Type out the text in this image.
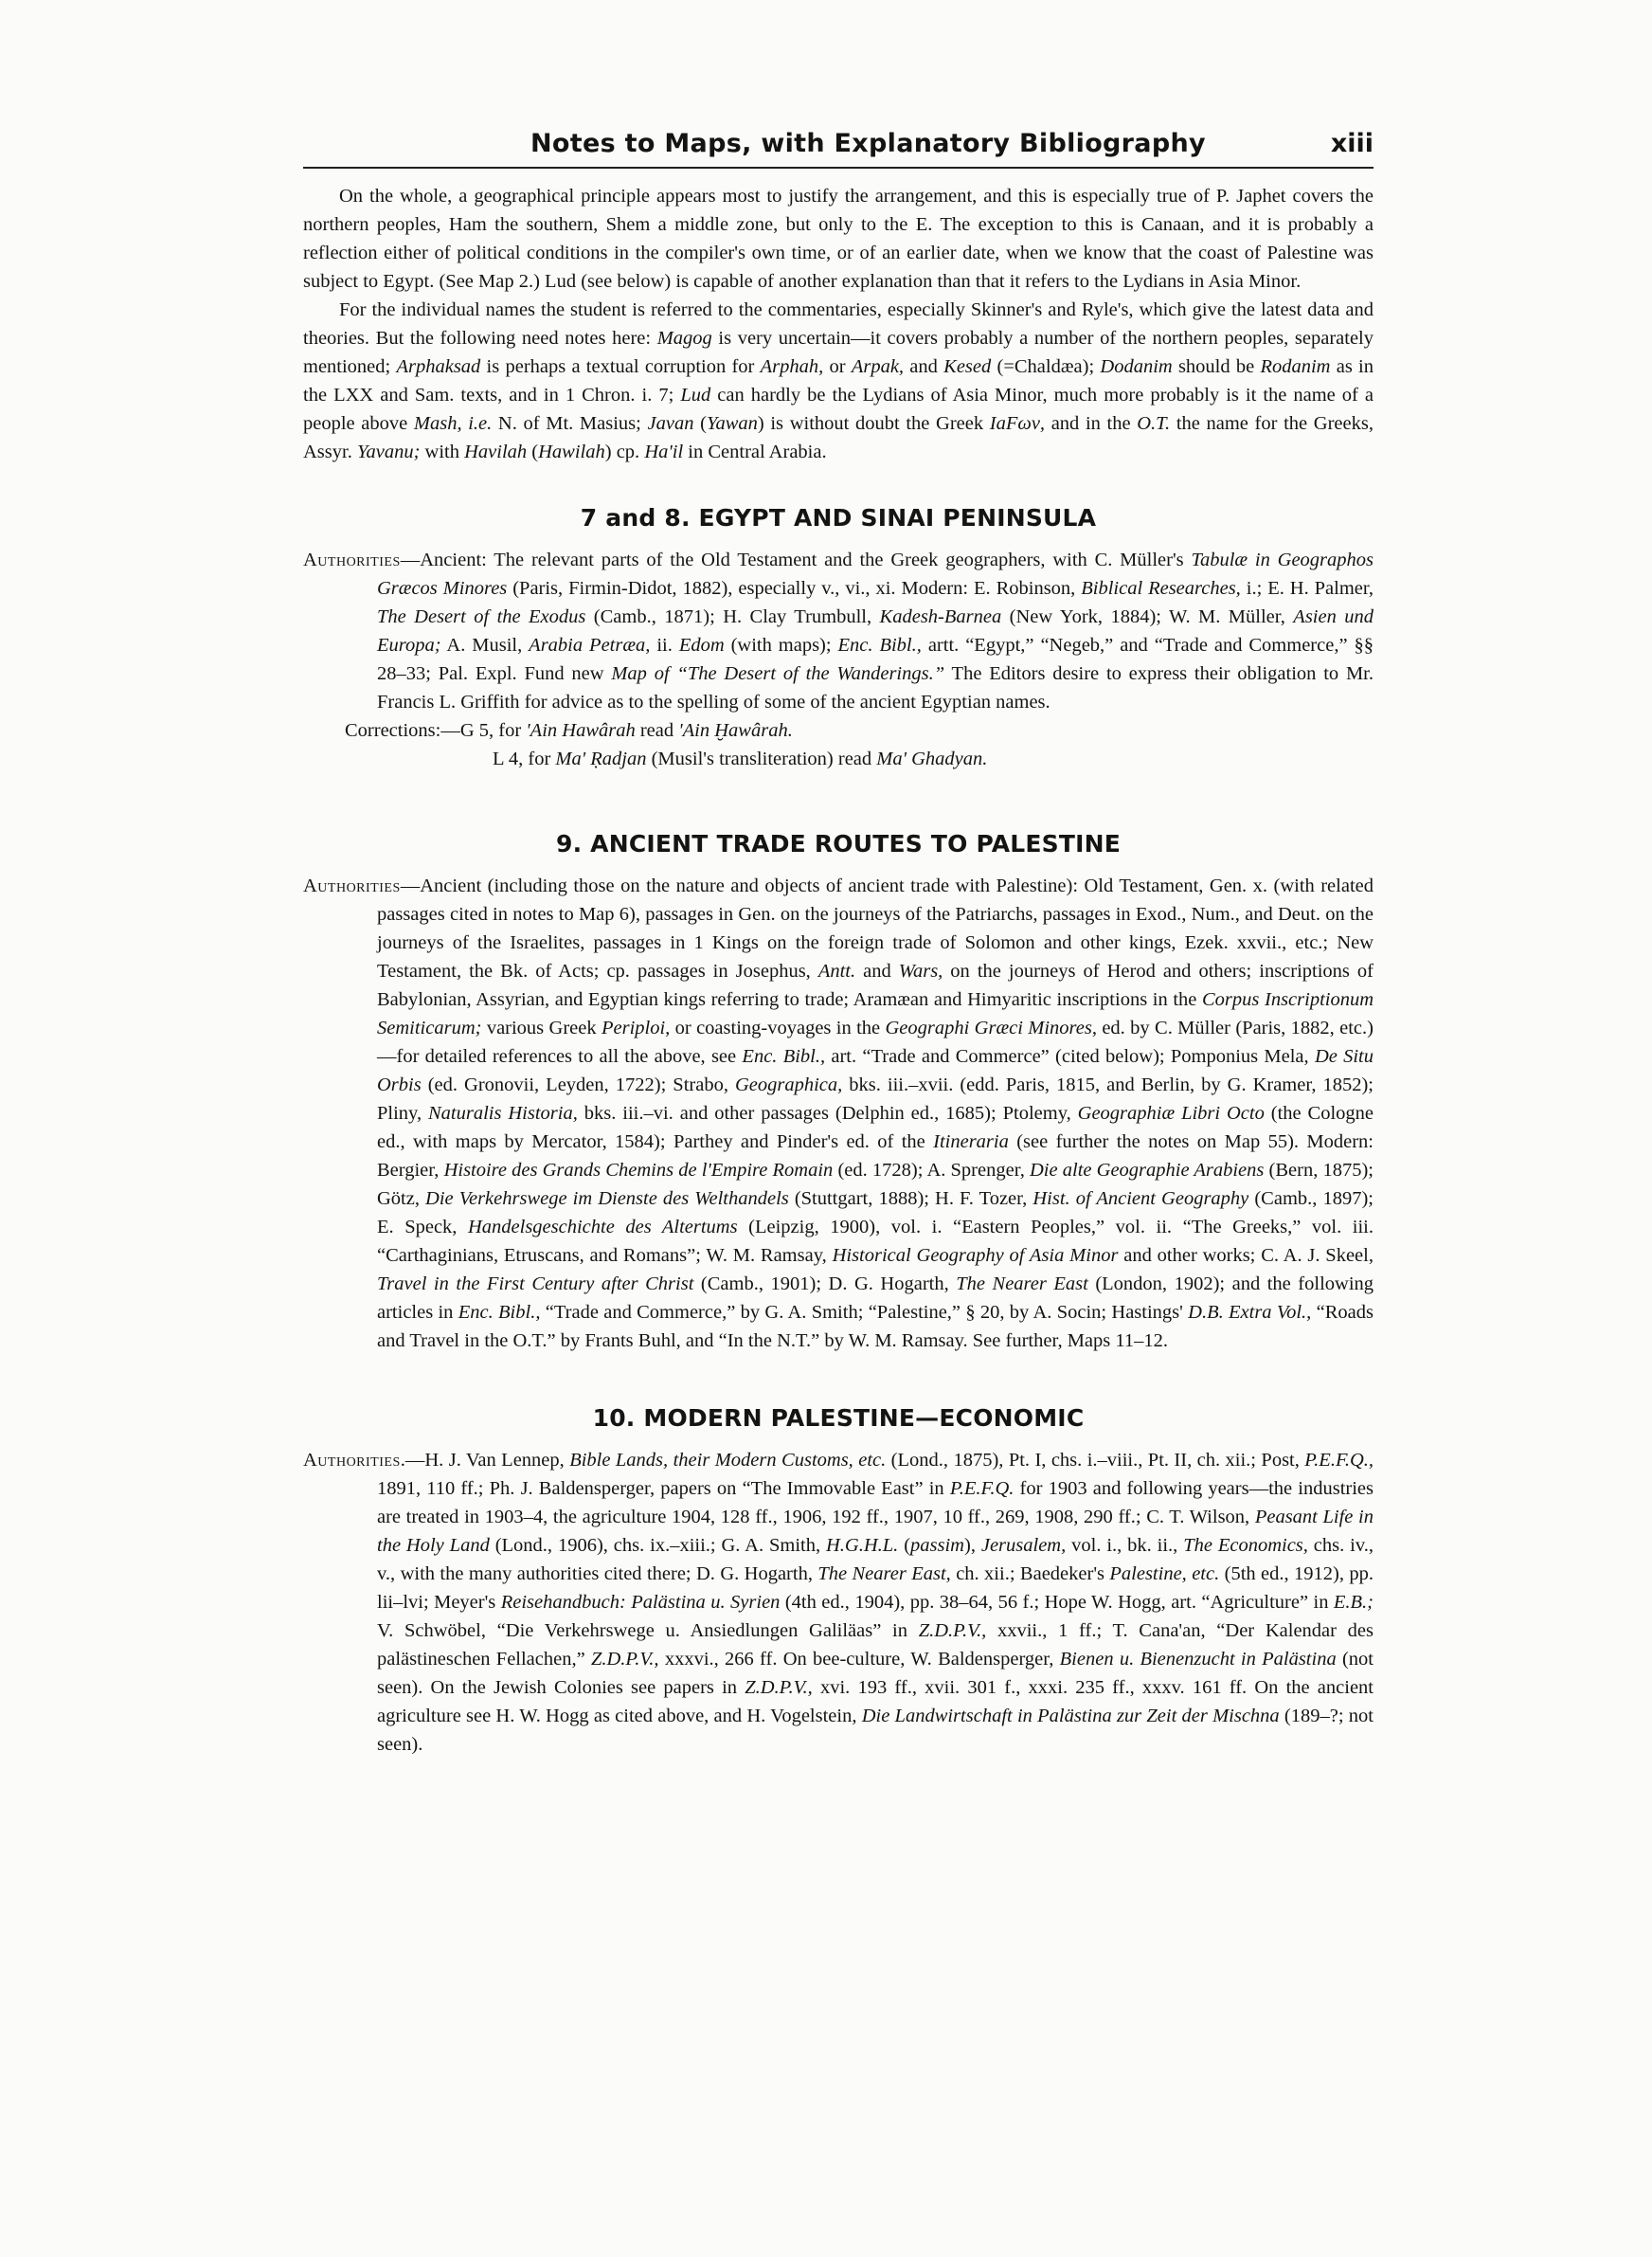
Notes to Maps, with Explanatory Bibliography	xiii

On the whole, a geographical principle appears most to justify the arrangement, and this is especially true of P. Japhet covers the northern peoples, Ham the southern, Shem a middle zone, but only to the E. The exception to this is Canaan, and it is probably a reflection either of political conditions in the compiler's own time, or of an earlier date, when we know that the coast of Palestine was subject to Egypt. (See Map 2.) Lud (see below) is capable of another explanation than that it refers to the Lydians in Asia Minor.

For the individual names the student is referred to the commentaries, especially Skinner's and Ryle's, which give the latest data and theories. But the following need notes here: Magog is very uncertain—it covers probably a number of the northern peoples, separately mentioned; Arphaksad is perhaps a textual corruption for Arphah, or Arpak, and Kesed (=Chaldæa); Dodanim should be Rodanim as in the LXX and Sam. texts, and in 1 Chron. i. 7; Lud can hardly be the Lydians of Asia Minor, much more probably is it the name of a people above Mash, i.e. N. of Mt. Masius; Javan (Yawan) is without doubt the Greek ΙaFων, and in the O.T. the name for the Greeks, Assyr. Yavanu; with Havilah (Hawilah) cp. Ha'il in Central Arabia.

7 and 8. EGYPT AND SINAI PENINSULA

Authorities—Ancient: The relevant parts of the Old Testament and the Greek geographers, with C. Müller's Tabulæ in Geographos Græcos Minores (Paris, Firmin-Didot, 1882), especially v., vi., xi. Modern: E. Robinson, Biblical Researches, i.; E. H. Palmer, The Desert of the Exodus (Camb., 1871); H. Clay Trumbull, Kadesh-Barnea (New York, 1884); W. M. Müller, Asien und Europa; A. Musil, Arabia Petræa, ii. Edom (with maps); Enc. Bibl., artt. “Egypt,” “Negeb,” and “Trade and Commerce,” §§ 28–33; Pal. Expl. Fund new Map of “The Desert of the Wanderings.” The Editors desire to express their obligation to Mr. Francis L. Griffith for advice as to the spelling of some of the ancient Egyptian names.

Corrections:—G 5, for 'Ain Hawârah read 'Ain Ḫawârah.

L 4, for Ma' Ṛadjan (Musil's transliteration) read Ma' Ghadyan.

9. ANCIENT TRADE ROUTES TO PALESTINE

Authorities—Ancient (including those on the nature and objects of ancient trade with Palestine): Old Testament, Gen. x. (with related passages cited in notes to Map 6), passages in Gen. on the journeys of the Patriarchs, passages in Exod., Num., and Deut. on the journeys of the Israelites, passages in 1 Kings on the foreign trade of Solomon and other kings, Ezek. xxvii., etc.; New Testament, the Bk. of Acts; cp. passages in Josephus, Antt. and Wars, on the journeys of Herod and others; inscriptions of Babylonian, Assyrian, and Egyptian kings referring to trade; Aramæan and Himyaritic inscriptions in the Corpus Inscriptionum Semiticarum; various Greek Periploi, or coasting-voyages in the Geographi Græci Minores, ed. by C. Müller (Paris, 1882, etc.)—for detailed references to all the above, see Enc. Bibl., art. “Trade and Commerce” (cited below); Pomponius Mela, De Situ Orbis (ed. Gronovii, Leyden, 1722); Strabo, Geographica, bks. iii.–xvii. (edd. Paris, 1815, and Berlin, by G. Kramer, 1852); Pliny, Naturalis Historia, bks. iii.–vi. and other passages (Delphin ed., 1685); Ptolemy, Geographiæ Libri Octo (the Cologne ed., with maps by Mercator, 1584); Parthey and Pinder's ed. of the Itineraria (see further the notes on Map 55). Modern: Bergier, Histoire des Grands Chemins de l'Empire Romain (ed. 1728); A. Sprenger, Die alte Geographie Arabiens (Bern, 1875); Götz, Die Verkehrswege im Dienste des Welthandels (Stuttgart, 1888); H. F. Tozer, Hist. of Ancient Geography (Camb., 1897); E. Speck, Handelsgeschichte des Altertums (Leipzig, 1900), vol. i. “Eastern Peoples,” vol. ii. “The Greeks,” vol. iii. “Carthaginians, Etruscans, and Romans”; W. M. Ramsay, Historical Geography of Asia Minor and other works; C. A. J. Skeel, Travel in the First Century after Christ (Camb., 1901); D. G. Hogarth, The Nearer East (London, 1902); and the following articles in Enc. Bibl., “Trade and Commerce,” by G. A. Smith; “Palestine,” § 20, by A. Socin; Hastings' D.B. Extra Vol., “Roads and Travel in the O.T.” by Frants Buhl, and “In the N.T.” by W. M. Ramsay. See further, Maps 11–12.

10. MODERN PALESTINE—ECONOMIC

Authorities.—H. J. Van Lennep, Bible Lands, their Modern Customs, etc. (Lond., 1875), Pt. I, chs. i.–viii., Pt. II, ch. xii.; Post, P.E.F.Q., 1891, 110 ff.; Ph. J. Baldensperger, papers on “The Immovable East” in P.E.F.Q. for 1903 and following years—the industries are treated in 1903–4, the agriculture 1904, 128 ff., 1906, 192 ff., 1907, 10 ff., 269, 1908, 290 ff.; C. T. Wilson, Peasant Life in the Holy Land (Lond., 1906), chs. ix.–xiii.; G. A. Smith, H.G.H.L. (passim), Jerusalem, vol. i., bk. ii., The Economics, chs. iv., v., with the many authorities cited there; D. G. Hogarth, The Nearer East, ch. xii.; Baedeker's Palestine, etc. (5th ed., 1912), pp. lii–lvi; Meyer's Reisehandbuch: Palästina u. Syrien (4th ed., 1904), pp. 38–64, 56 f.; Hope W. Hogg, art. “Agriculture” in E.B.; V. Schwöbel, “Die Verkehrswege u. Ansiedlungen Galiläas” in Z.D.P.V., xxvii., 1 ff.; T. Cana'an, “Der Kalendar des palästineschen Fellachen,” Z.D.P.V., xxxvi., 266 ff. On bee-culture, W. Baldensperger, Bienen u. Bienenzucht in Palästina (not seen). On the Jewish Colonies see papers in Z.D.P.V., xvi. 193 ff., xvii. 301 f., xxxi. 235 ff., xxxv. 161 ff. On the ancient agriculture see H. W. Hogg as cited above, and H. Vogelstein, Die Landwirtschaft in Palästina zur Zeit der Mischna (189–?; not seen).
